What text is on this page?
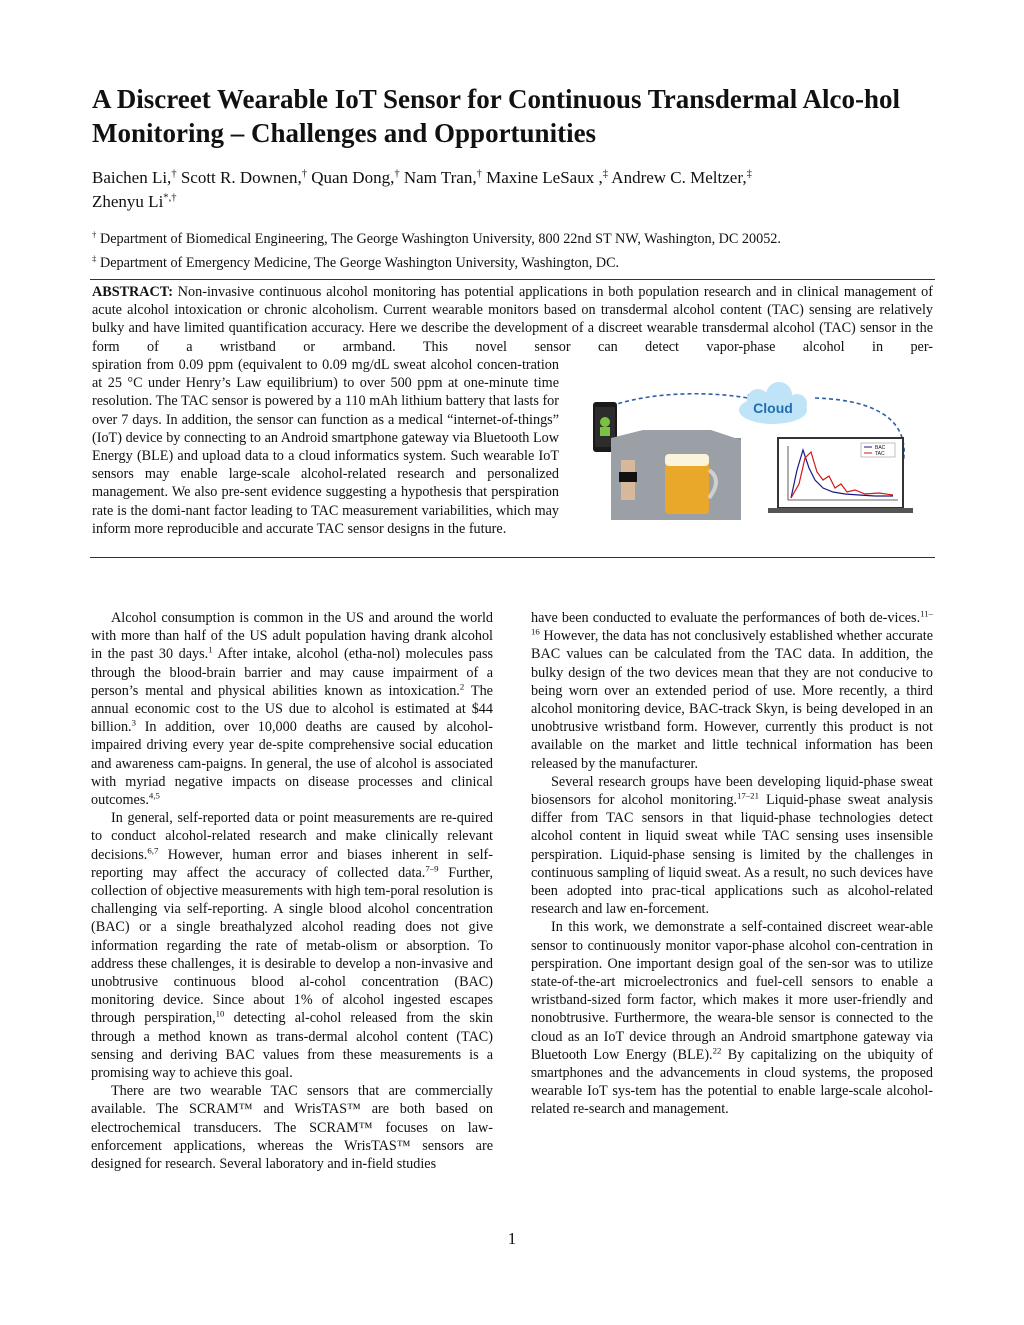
A Discreet Wearable IoT Sensor for Continuous Transdermal Alco-hol Monitoring – Challenges and Opportunities
Baichen Li,† Scott R. Downen,† Quan Dong,† Nam Tran,† Maxine LeSaux ,‡ Andrew C. Meltzer,‡
Zhenyu Li*,†
† Department of Biomedical Engineering, The George Washington University, 800 22nd ST NW, Washington, DC 20052.
‡ Department of Emergency Medicine, The George Washington University, Washington, DC.
ABSTRACT: Non-invasive continuous alcohol monitoring has potential applications in both population research and in clinical management of acute alcohol intoxication or chronic alcoholism. Current wearable monitors based on transdermal alcohol content (TAC) sensing are relatively bulky and have limited quantification accuracy. Here we describe the development of a discreet wearable transdermal alcohol (TAC) sensor in the form of a wristband or armband. This novel sensor can detect vapor-phase alcohol in per-
spiration from 0.09 ppm (equivalent to 0.09 mg/dL sweat alcohol concen-tration at 25 °C under Henry’s Law equilibrium) to over 500 ppm at one-minute time resolution. The TAC sensor is powered by a 110 mAh lithium battery that lasts for over 7 days. In addition, the sensor can function as a medical “internet-of-things” (IoT) device by connecting to an Android smartphone gateway via Bluetooth Low Energy (BLE) and upload data to a cloud informatics system. Such wearable IoT sensors may enable large-scale alcohol-related research and personalized management. We also pre-sent evidence suggesting a hypothesis that perspiration rate is the domi-nant factor leading to TAC measurement variabilities, which may inform more reproducible and accurate TAC sensor designs in the future.
Cloud
BAC
TAC

Alcohol consumption is common in the US and around the world with more than half of the US adult population having drank alcohol in the past 30 days.$^1$ After intake, alcohol (etha-nol) molecules pass through the blood-brain barrier and may cause impairment of a person’s mental and physical abilities known as intoxication.$^2$ The annual economic cost to the US due to alcohol is estimated at $44 billion.$^3$ In addition, over 10,000 deaths are caused by alcohol-impaired driving every year de-spite comprehensive social education and awareness cam-paigns. In general, the use of alcohol is associated with myriad negative impacts on disease processes and clinical outcomes.$^{4,5}$

In general, self-reported data or point measurements are re-quired to conduct alcohol-related research and make clinically relevant decisions.$^{6,7}$ However, human error and biases inherent in self-reporting may affect the accuracy of collected data.$^{7-9}$ Further, collection of objective measurements with high tem-poral resolution is challenging via self-reporting. A single blood alcohol concentration (BAC) or a single breathalyzed alcohol reading does not give information regarding the rate of metab-olism or absorption. To address these challenges, it is desirable to develop a non-invasive and unobtrusive continuous blood al-cohol concentration (BAC) monitoring device. Since about 1% of alcohol ingested escapes through perspiration,$^{10}$ detecting al-cohol released from the skin through a method known as trans-dermal alcohol content (TAC) sensing and deriving BAC values from these measurements is a promising way to achieve this goal.

There are two wearable TAC sensors that are commercially available. The SCRAM™ and WrisTAS™ are both based on electrochemical transducers. The SCRAM™ focuses on law-enforcement applications, whereas the WrisTAS™ sensors are designed for research. Several laboratory and in-field studies

have been conducted to evaluate the performances of both de-vices.$^{11-16}$ However, the data has not conclusively established whether accurate BAC values can be calculated from the TAC data. In addition, the bulky design of the two devices mean that they are not conducive to being worn over an extended period of use. More recently, a third alcohol monitoring device, BAC-track Skyn, is being developed in an unobtrusive wristband form. However, currently this product is not available on the market and little technical information has been released by the manufacturer.

Several research groups have been developing liquid-phase sweat biosensors for alcohol monitoring.$^{17-21}$ Liquid-phase sweat analysis differ from TAC sensors in that liquid-phase technologies detect alcohol content in liquid sweat while TAC sensing uses insensible perspiration. Liquid-phase sensing is limited by the challenges in continuous sampling of liquid sweat. As a result, no such devices have been adopted into prac-tical applications such as alcohol-related research and law en-forcement.

In this work, we demonstrate a self-contained discreet wear-able sensor to continuously monitor vapor-phase alcohol con-centration in perspiration. One important design goal of the sen-sor was to utilize state-of-the-art microelectronics and fuel-cell sensors to enable a wristband-sized form factor, which makes it more user-friendly and nonobtrusive. Furthermore, the weara-ble sensor is connected to the cloud as an IoT device through an Android smartphone gateway via Bluetooth Low Energy (BLE).$^{22}$ By capitalizing on the ubiquity of smartphones and the advancements in cloud systems, the proposed wearable IoT sys-tem has the potential to enable large-scale alcohol-related re-search and management.

1
